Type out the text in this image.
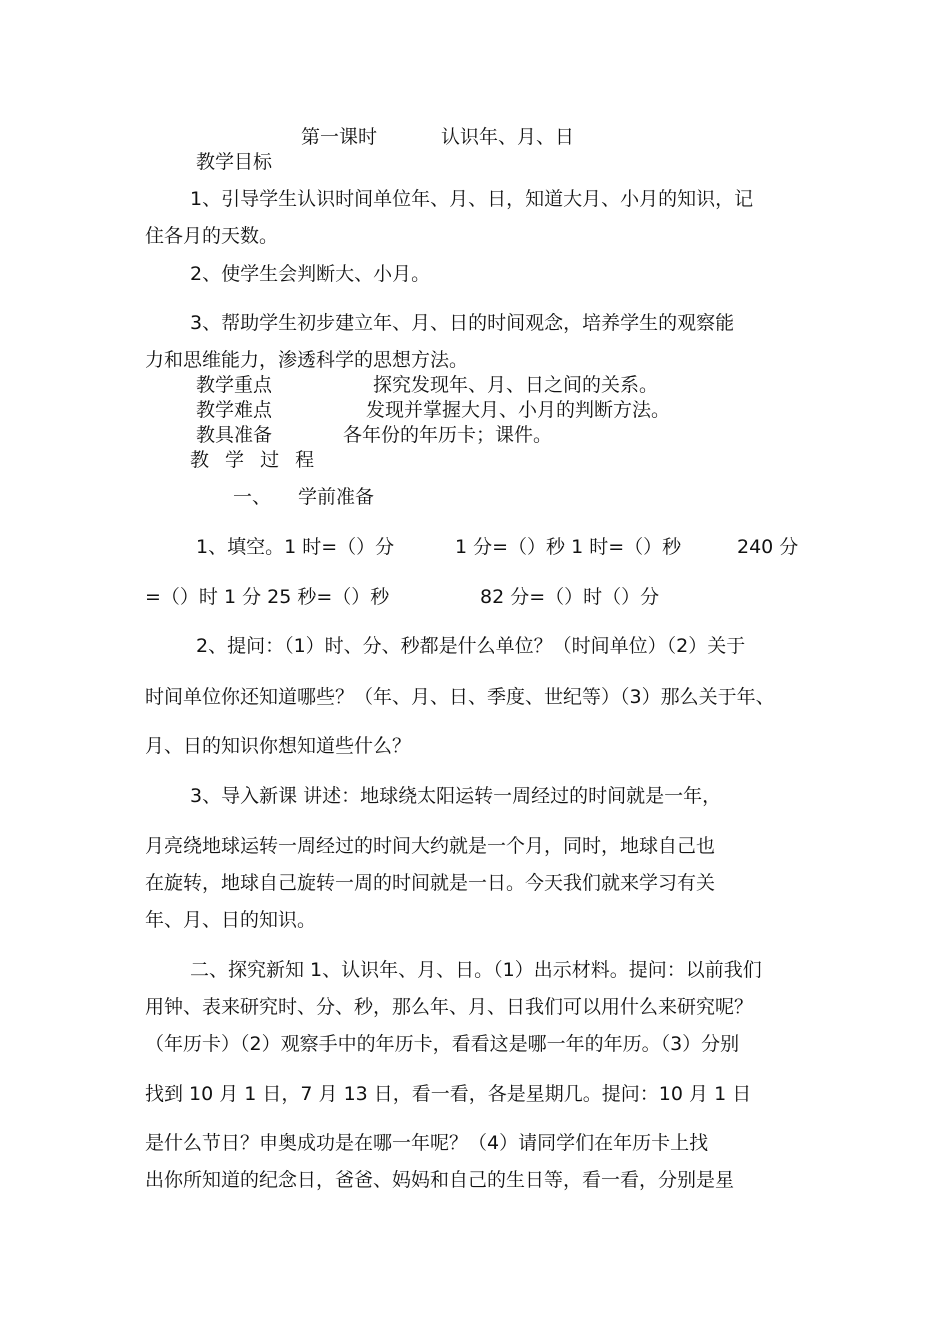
第一课时	认识年、月、日
教学目标
1、引导学生认识时间单位年、月、日，知道大月、小月的知识，记
住各月的天数。
2、使学生会判断大、小月。
3、帮助学生初步建立年、月、日的时间观念，培养学生的观察能
力和思维能力，渗透科学的思想方法。
教学重点	探究发现年、月、日之间的关系。
教学难点	发现并掌握大月、小月的判断方法。
教具准备	各年份的年历卡；课件。
教 学 过 程
一、 学前准备
1、填空。1 时=（）分	1 分=（）秒 1 时=（）秒	240 分
=（）时 1 分 25 秒=（）秒	82 分=（）时（）分
2、提问：（1）时、分、秒都是什么单位？（时间单位）（2）关于
时间单位你还知道哪些？（年、月、日、季度、世纪等）（3）那么关于年、
月、日的知识你想知道些什么？
3、导入新课 讲述：地球绕太阳运转一周经过的时间就是一年，
月亮绕地球运转一周经过的时间大约就是一个月，同时，地球自己也
在旋转，地球自己旋转一周的时间就是一日。今天我们就来学习有关
年、月、日的知识。
二、探究新知 1、认识年、月、日。（1）出示材料。提问：以前我们
用钟、表来研究时、分、秒，那么年、月、日我们可以用什么来研究呢？
（年历卡）（2）观察手中的年历卡，看看这是哪一年的年历。（3）分别
找到 10 月 1 日，7 月 13 日，看一看，各是星期几。提问：10 月 1 日
是什么节日？申奥成功是在哪一年呢？（4）请同学们在年历卡上找
出你所知道的纪念日，爸爸、妈妈和自己的生日等，看一看，分别是星
